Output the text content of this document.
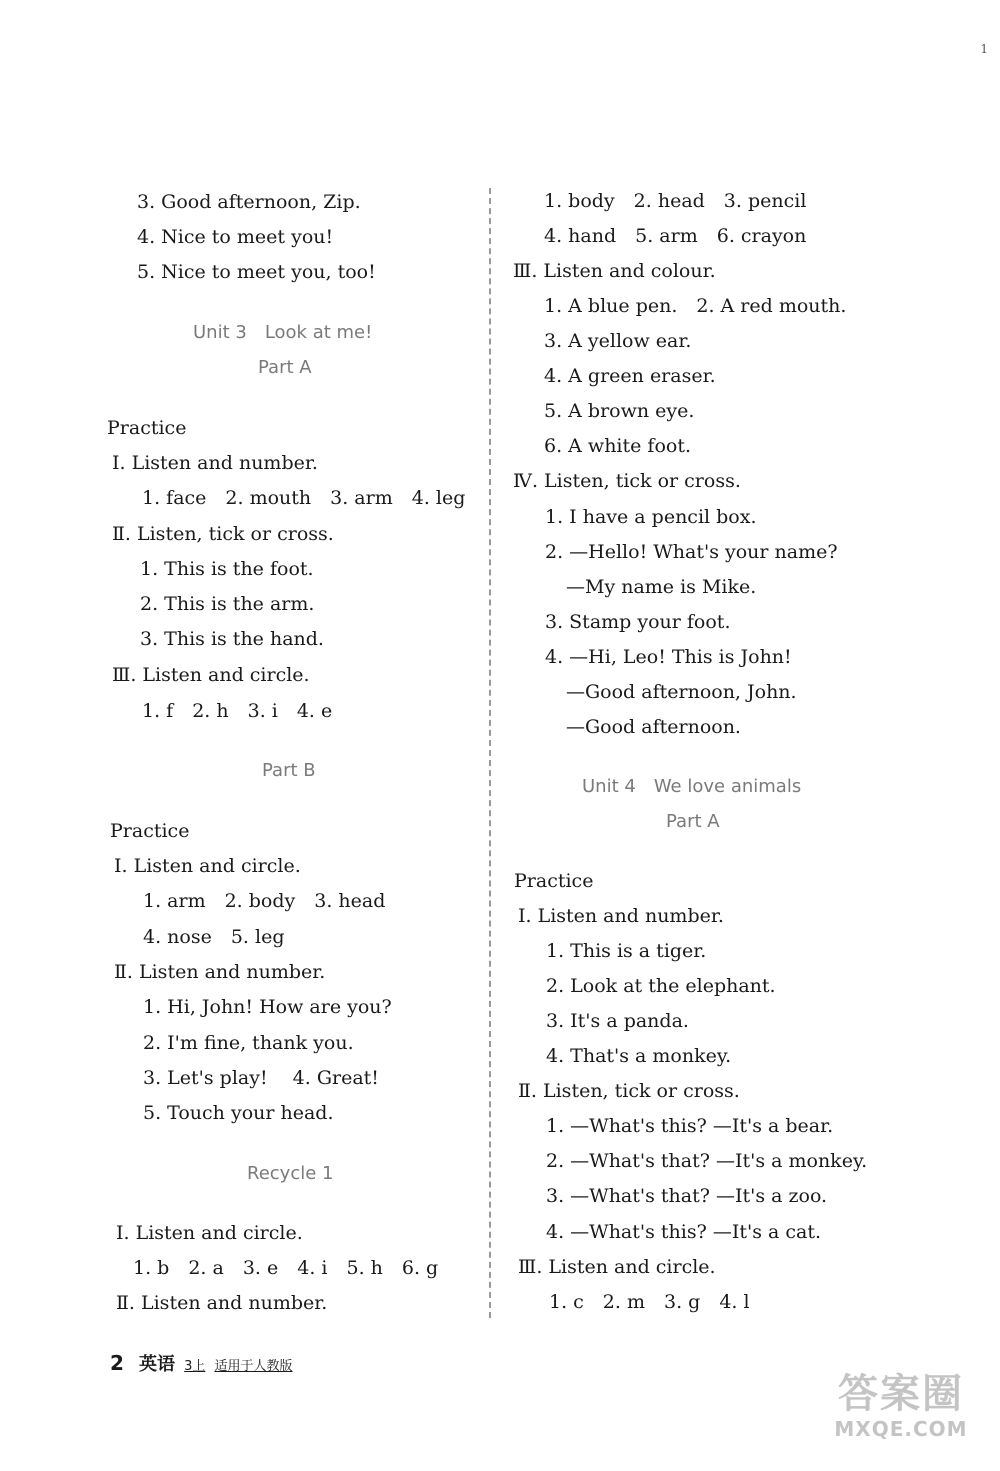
3. Good afternoon, Zip.
4. Nice to meet you!
5. Nice to meet you, too!
Unit 3　Look at me!
Part A
Practice
Ⅰ. Listen and number.
1. face　2. mouth　3. arm　4. leg
Ⅱ. Listen, tick or cross.
1. This is the foot.
2. This is the arm.
3. This is the hand.
Ⅲ. Listen and circle.
1. f　2. h　3. i　4. e
Part B
Practice
Ⅰ. Listen and circle.
1. arm　2. body　3. head
4. nose　5. leg
Ⅱ. Listen and number.
1. Hi, John! How are you?
2. I'm fine, thank you.
3. Let's play!　 4. Great!
5. Touch your head.
Recycle 1
Ⅰ. Listen and circle.
1. b　2. a　3. e　4. i　5. h　6. g
Ⅱ. Listen and number.
1. body　2. head　3. pencil
4. hand　5. arm　6. crayon
Ⅲ. Listen and colour.
1. A blue pen.　2. A red mouth.
3. A yellow ear.
4. A green eraser.
5. A brown eye.
6. A white foot.
Ⅳ. Listen, tick or cross.
1. I have a pencil box.
2. —Hello! What's your name?
—My name is Mike.
3. Stamp your foot.
4. —Hi, Leo! This is John!
—Good afternoon, John.
—Good afternoon.
Unit 4　We love animals
Part A
Practice
Ⅰ. Listen and number.
1. This is a tiger.
2. Look at the elephant.
3. It's a panda.
4. That's a monkey.
Ⅱ. Listen, tick or cross.
1. —What's this? —It's a bear.
2. —What's that? —It's a monkey.
3. —What's that? —It's a zoo.
4. —What's this? —It's a cat.
Ⅲ. Listen and circle.
1. c　2. m　3. g　4. l
1
2 英语 3上 适用于人教版
答案圈
MXQE.COM
